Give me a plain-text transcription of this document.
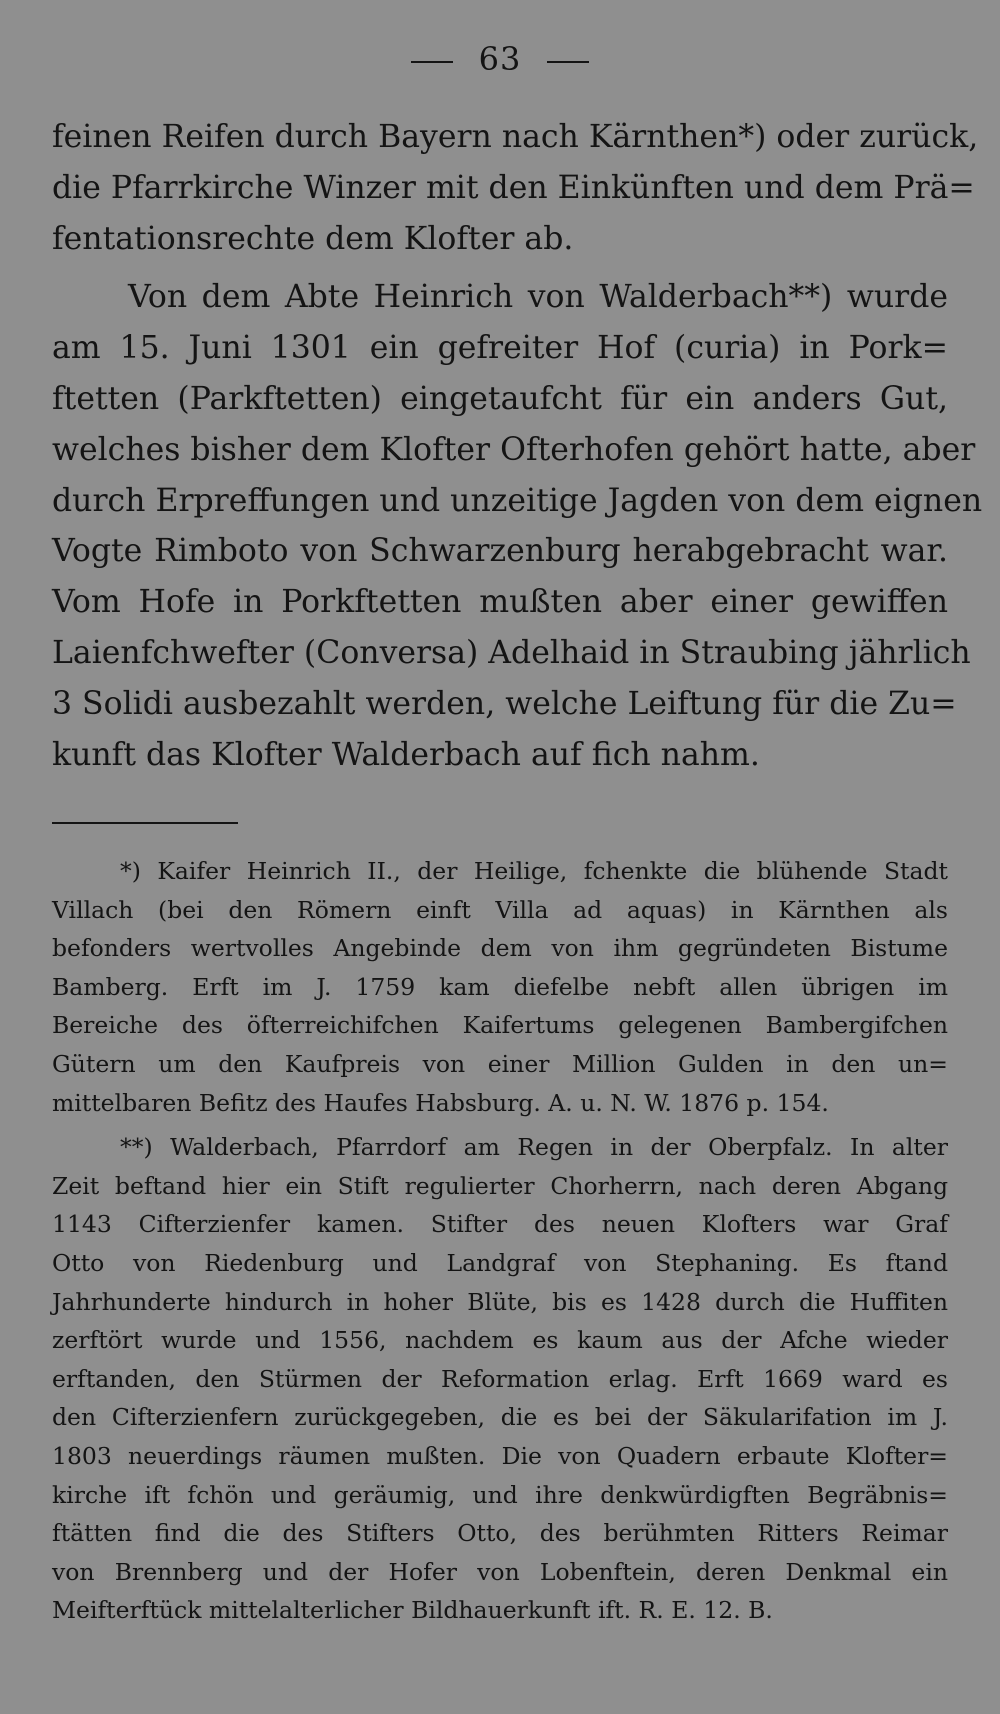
63
feinen Reifen durch Bayern nach Kärnthen*) oder zurück,
die Pfarrkirche Winzer mit den Einkünften und dem Prä=
fentationsrechte dem Klofter ab.
Von dem Abte Heinrich von Walderbach**) wurde
am 15. Juni 1301 ein gefreiter Hof (curia) in Pork=
ftetten (Parkftetten) eingetaufcht für ein anders Gut,
welches bisher dem Klofter Ofterhofen gehört hatte, aber
durch Erpreffungen und unzeitige Jagden von dem eignen
Vogte Rimboto von Schwarzenburg herabgebracht war.
Vom Hofe in Porkftetten mußten aber einer gewiffen
Laienfchwefter (Conversa) Adelhaid in Straubing jährlich
3 Solidi ausbezahlt werden, welche Leiftung für die Zu=
kunft das Klofter Walderbach auf fich nahm.
*) Kaifer Heinrich II., der Heilige, fchenkte die blühende Stadt
Villach (bei den Römern einft Villa ad aquas) in Kärnthen als
befonders wertvolles Angebinde dem von ihm gegründeten Bistume
Bamberg. Erft im J. 1759 kam diefelbe nebft allen übrigen im
Bereiche des öfterreichifchen Kaifertums gelegenen Bambergifchen
Gütern um den Kaufpreis von einer Million Gulden in den un=
mittelbaren Befitz des Haufes Habsburg. A. u. N. W. 1876 p. 154.
**) Walderbach, Pfarrdorf am Regen in der Oberpfalz. In alter
Zeit beftand hier ein Stift regulierter Chorherrn, nach deren Abgang
1143 Cifterzienfer kamen. Stifter des neuen Klofters war Graf
Otto von Riedenburg und Landgraf von Stephaning. Es ftand
Jahrhunderte hindurch in hoher Blüte, bis es 1428 durch die Huffiten
zerftört wurde und 1556, nachdem es kaum aus der Afche wieder
erftanden, den Stürmen der Reformation erlag. Erft 1669 ward es
den Cifterzienfern zurückgegeben, die es bei der Säkularifation im J.
1803 neuerdings räumen mußten. Die von Quadern erbaute Klofter=
kirche ift fchön und geräumig, und ihre denkwürdigften Begräbnis=
ftätten find die des Stifters Otto, des berühmten Ritters Reimar
von Brennberg und der Hofer von Lobenftein, deren Denkmal ein
Meifterftück mittelalterlicher Bildhauerkunft ift. R. E. 12. B.
